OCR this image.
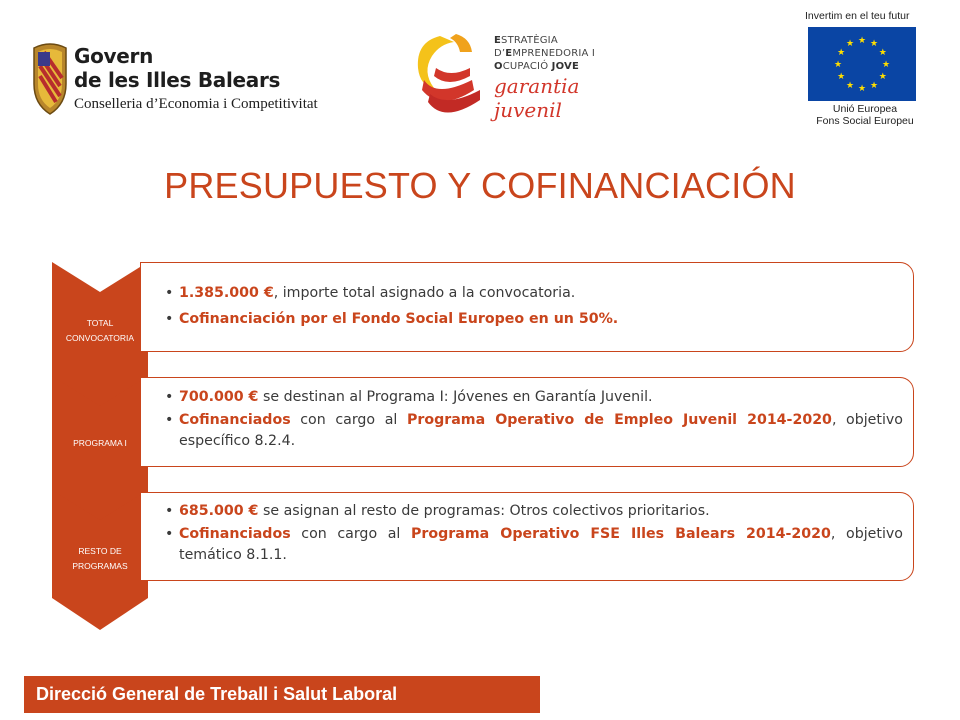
Govern
de les Illes Balears
Conselleria d’Economia i Competitivitat
ESTRATÈGIA
D’EMPRENEDORIA I
OCUPACIÓ JOVE
garantia juvenil
Invertim en el teu futur
★ ★
★
★
★
★
★
★
★
★
★
★
Unió Europea
Fons Social Europeu
PRESUPUESTO Y COFINANCIACIÓN
TOTAL
CONVOCATORIA
• 1.385.000 €, importe total asignado a la convocatoria.
• Cofinanciación por el Fondo Social Europeo en un 50%.
PROGRAMA I
• 700.000 € se destinan al Programa I: Jóvenes en Garantía Juvenil.
• Cofinanciados con cargo al Programa Operativo de Empleo Juvenil 2014-2020, objetivo específico 8.2.4.
RESTO DE
PROGRAMAS
• 685.000 € se asignan al resto de programas: Otros colectivos prioritarios.
• Cofinanciados con cargo al Programa Operativo FSE Illes Balears 2014-2020, objetivo temático 8.1.1.
Direcció General de Treball i Salut Laboral
